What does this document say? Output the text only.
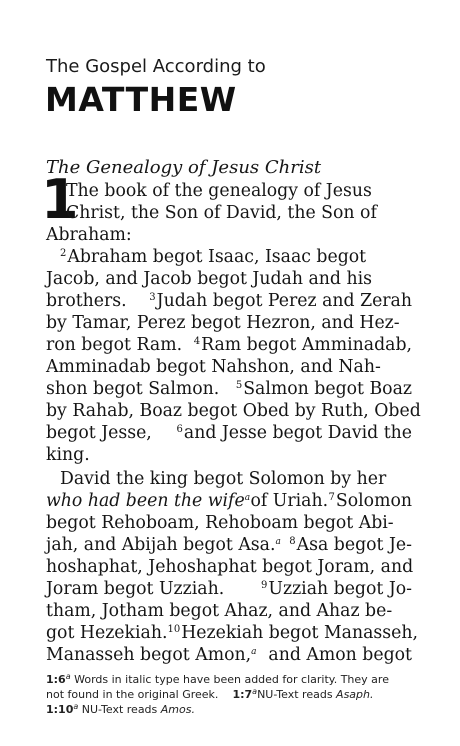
The Gospel According to
MATTHEW
The Genealogy of Jesus Christ
1
The book of the genealogy of Jesus
Christ, the Son of David, the Son of
Abraham:
2Abraham begot Isaac, Isaac begot
Jacob, and Jacob begot Judah and his
brothers. 3Judah begot Perez and Zerah
by Tamar, Perez begot Hezron, and Hez-
ron begot Ram. 4Ram begot Amminadab,
Amminadab begot Nahshon, and Nah-
shon begot Salmon. 5Salmon begot Boaz
by Rahab, Boaz begot Obed by Ruth, Obed
begot Jesse, 6and Jesse begot David the
king.
David the king begot Solomon by her
who had been the wifea of Uriah. 7Solomon
begot Rehoboam, Rehoboam begot Abi-
jah, and Abijah begot Asa.a 8Asa begot Je-
hoshaphat, Jehoshaphat begot Joram, and
Joram begot Uzziah.	9Uzziah begot Jo-
tham, Jotham begot Ahaz, and Ahaz be-
got Hezekiah. 10Hezekiah begot Manasseh,
Manasseh begot Amon,a and Amon begot
1:6$^a$ Words in italic type have been added for clarity. They are
not found in the original Greek. 1:7$^a$NU-Text reads Asaph.
1:10$^a$ NU-Text reads Amos.
